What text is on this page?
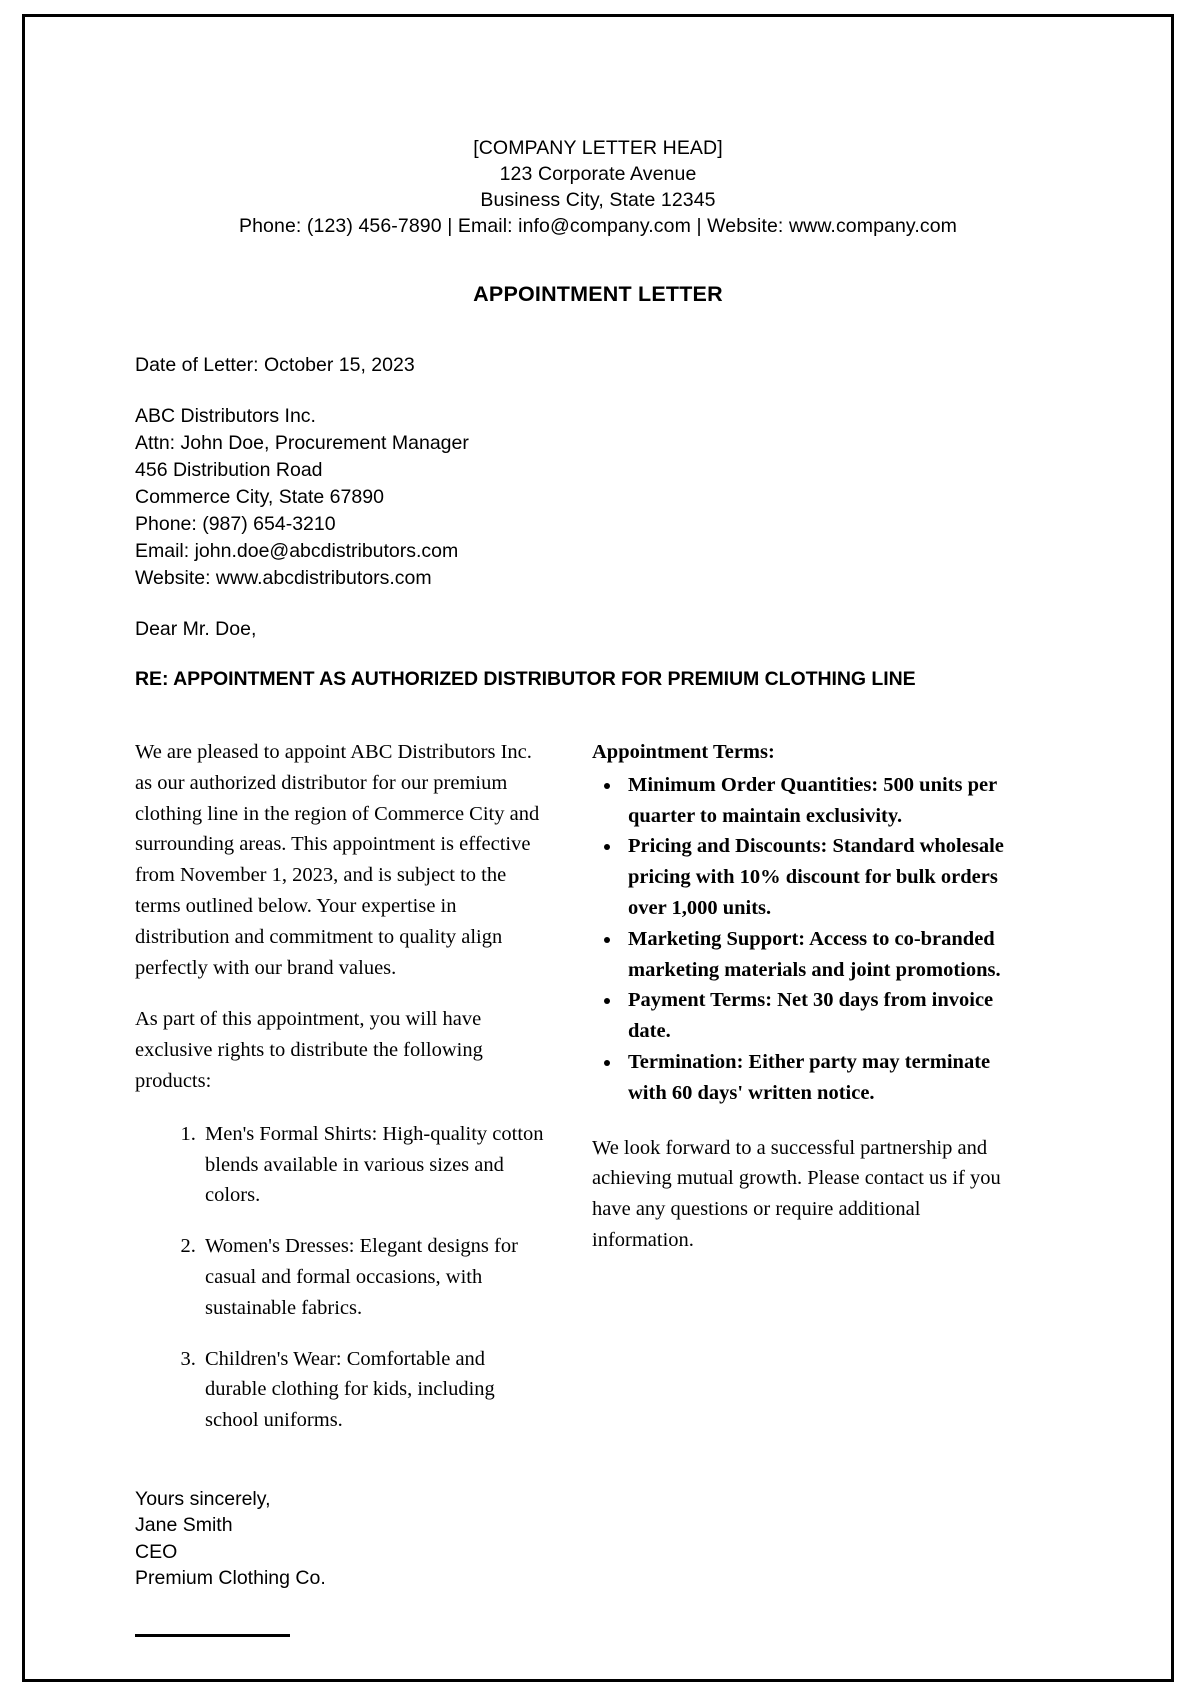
[COMPANY LETTER HEAD]
123 Corporate Avenue
Business City, State 12345
Phone: (123) 456-7890 | Email: info@company.com | Website: www.company.com
APPOINTMENT LETTER
Date of Letter: October 15, 2023
ABC Distributors Inc.
Attn: John Doe, Procurement Manager
456 Distribution Road
Commerce City, State 67890
Phone: (987) 654-3210
Email: john.doe@abcdistributors.com
Website: www.abcdistributors.com
Dear Mr. Doe,
RE: APPOINTMENT AS AUTHORIZED DISTRIBUTOR FOR PREMIUM CLOTHING LINE

We are pleased to appoint ABC Distributors Inc. as our authorized distributor for our premium clothing line in the region of Commerce City and surrounding areas. This appointment is effective from November 1, 2023, and is subject to the terms outlined below. Your expertise in distribution and commitment to quality align perfectly with our brand values.

As part of this appointment, you will have exclusive rights to distribute the following products:

1. Men's Formal Shirts: High-quality cotton blends available in various sizes and colors.
2. Women's Dresses: Elegant designs for casual and formal occasions, with sustainable fabrics.
3. Children's Wear: Comfortable and durable clothing for kids, including school uniforms.

Appointment Terms:

• Minimum Order Quantities: 500 units per quarter to maintain exclusivity.
• Pricing and Discounts: Standard wholesale pricing with 10% discount for bulk orders over 1,000 units.
• Marketing Support: Access to co-branded marketing materials and joint promotions.
• Payment Terms: Net 30 days from invoice date.
• Termination: Either party may terminate with 60 days' written notice.

We look forward to a successful partnership and achieving mutual growth. Please contact us if you have any questions or require additional information.

Yours sincerely,
Jane Smith
CEO
Premium Clothing Co.
